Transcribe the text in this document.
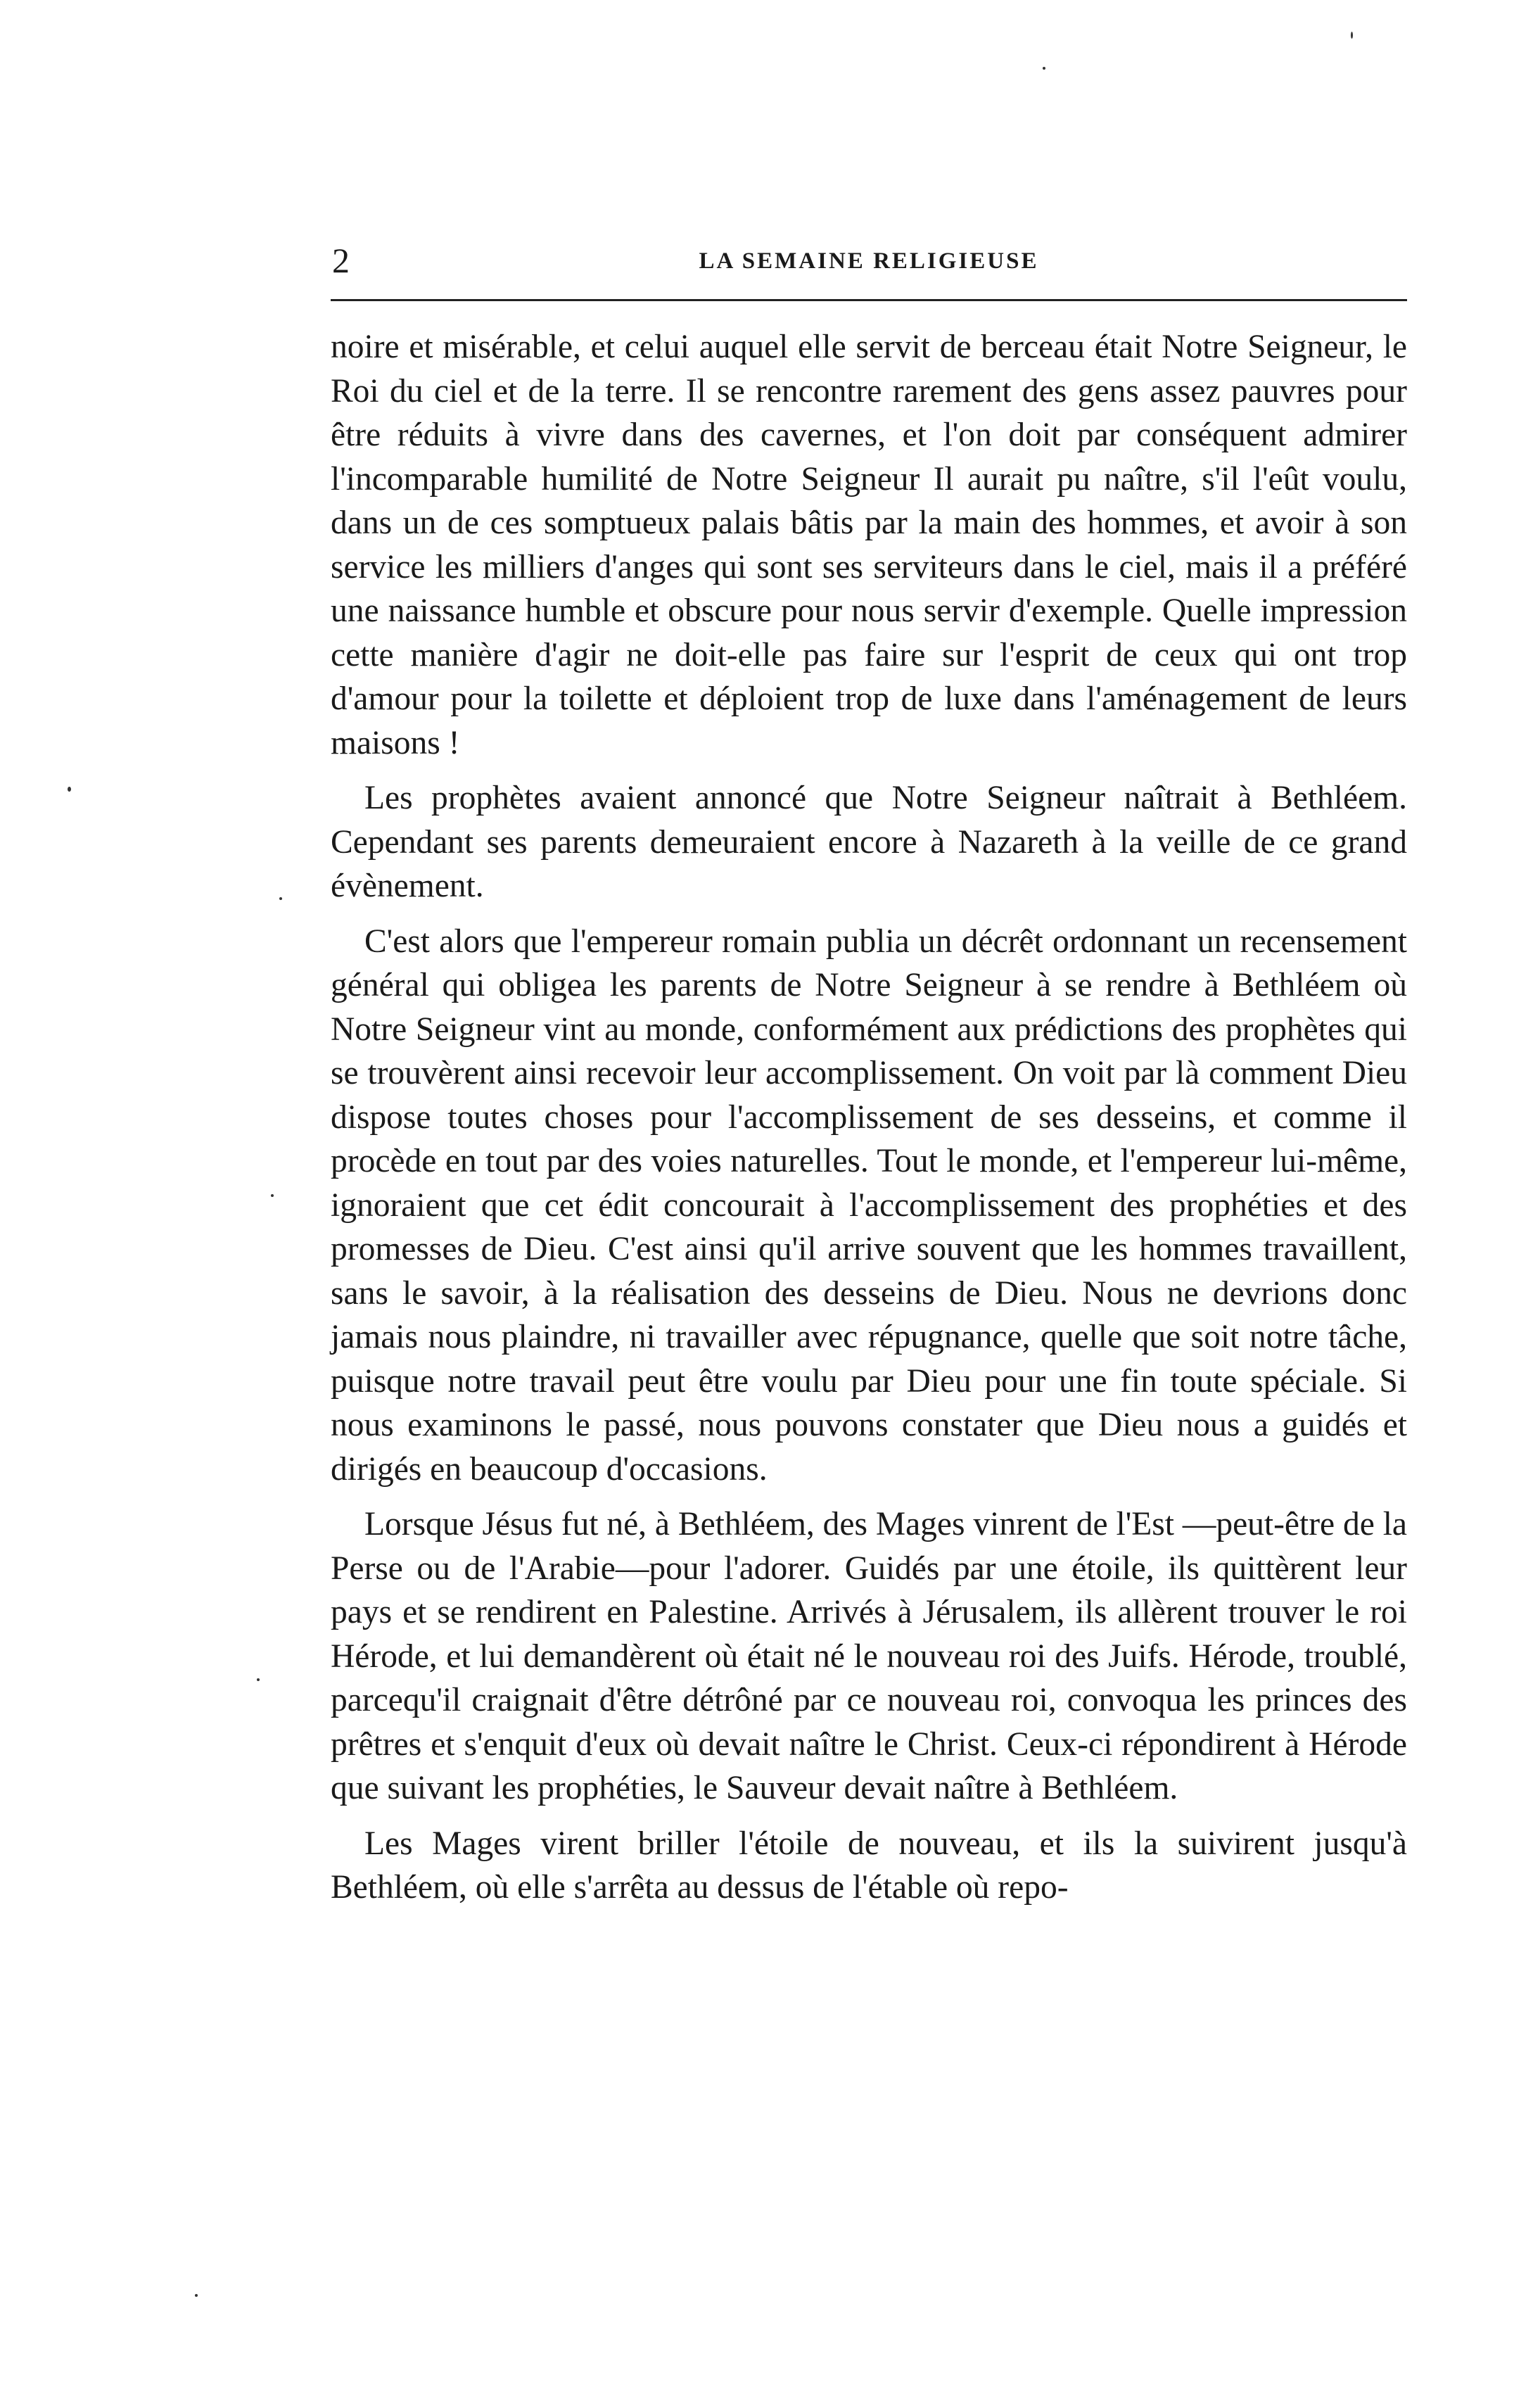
2	LA SEMAINE RELIGIEUSE

noire et misérable, et celui auquel elle servit de berceau était Notre Seigneur, le Roi du ciel et de la terre. Il se rencontre rarement des gens assez pauvres pour être réduits à vivre dans des cavernes, et l'on doit par conséquent admirer l'incomparable humilité de Notre Seigneur Il aurait pu naître, s'il l'eût voulu, dans un de ces somptueux palais bâtis par la main des hommes, et avoir à son service les milliers d'anges qui sont ses serviteurs dans le ciel, mais il a préféré une naissance humble et obscure pour nous servir d'exemple. Quelle impression cette manière d'agir ne doit-elle pas faire sur l'esprit de ceux qui ont trop d'amour pour la toilette et déploient trop de luxe dans l'aménagement de leurs maisons !

Les prophètes avaient annoncé que Notre Seigneur naîtrait à Bethléem. Cependant ses parents demeuraient encore à Nazareth à la veille de ce grand évènement.

C'est alors que l'empereur romain publia un décrêt ordonnant un recensement général qui obligea les parents de Notre Seigneur à se rendre à Bethléem où Notre Seigneur vint au monde, conformément aux prédictions des prophètes qui se trouvèrent ainsi recevoir leur accomplissement. On voit par là comment Dieu dispose toutes choses pour l'accomplissement de ses desseins, et comme il procède en tout par des voies naturelles. Tout le monde, et l'empereur lui-même, ignoraient que cet édit concourait à l'accomplissement des prophéties et des promesses de Dieu. C'est ainsi qu'il arrive souvent que les hommes travaillent, sans le savoir, à la réalisation des desseins de Dieu. Nous ne devrions donc jamais nous plaindre, ni travailler avec répugnance, quelle que soit notre tâche, puisque notre travail peut être voulu par Dieu pour une fin toute spéciale. Si nous examinons le passé, nous pouvons constater que Dieu nous a guidés et dirigés en beaucoup d'occasions.

Lorsque Jésus fut né, à Bethléem, des Mages vinrent de l'Est —peut-être de la Perse ou de l'Arabie—pour l'adorer. Guidés par une étoile, ils quittèrent leur pays et se rendirent en Palestine. Arrivés à Jérusalem, ils allèrent trouver le roi Hérode, et lui demandèrent où était né le nouveau roi des Juifs. Hérode, troublé, parcequ'il craignait d'être détrôné par ce nouveau roi, convoqua les princes des prêtres et s'enquit d'eux où devait naître le Christ. Ceux-ci répondirent à Hérode que suivant les prophéties, le Sauveur devait naître à Bethléem.

Les Mages virent briller l'étoile de nouveau, et ils la suivirent jusqu'à Bethléem, où elle s'arrêta au dessus de l'étable où repo-
